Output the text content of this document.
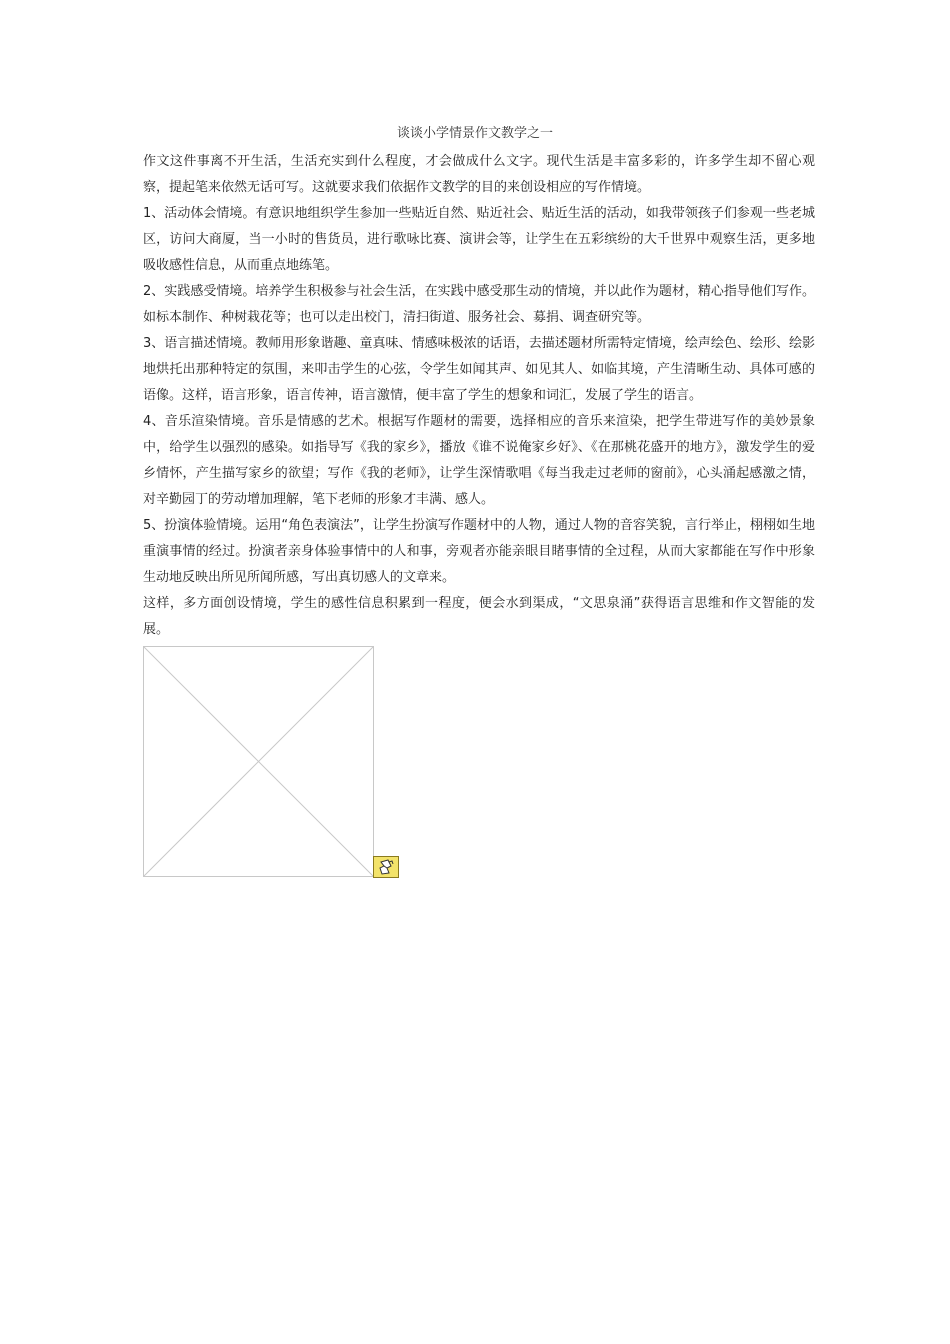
谈谈小学情景作文教学之一

作文这件事离不开生活，生活充实到什么程度，才会做成什么文字。现代生活是丰富多彩的，许多学生却不留心观察，提起笔来依然无话可写。这就要求我们依据作文教学的目的来创设相应的写作情境。

1、活动体会情境。有意识地组织学生参加一些贴近自然、贴近社会、贴近生活的活动，如我带领孩子们参观一些老城区，访问大商厦，当一小时的售货员，进行歌咏比赛、演讲会等，让学生在五彩缤纷的大千世界中观察生活，更多地吸收感性信息，从而重点地练笔。

2、实践感受情境。培养学生积极参与社会生活，在实践中感受那生动的情境，并以此作为题材，精心指导他们写作。如标本制作、种树栽花等；也可以走出校门，清扫街道、服务社会、募捐、调查研究等。

3、语言描述情境。教师用形象谐趣、童真味、情感味极浓的话语，去描述题材所需特定情境，绘声绘色、绘形、绘影地烘托出那种特定的氛围，来叩击学生的心弦，令学生如闻其声、如见其人、如临其境，产生清晰生动、具体可感的语像。这样，语言形象，语言传神，语言激情，便丰富了学生的想象和词汇，发展了学生的语言。

4、音乐渲染情境。音乐是情感的艺术。根据写作题材的需要，选择相应的音乐来渲染，把学生带进写作的美妙景象中，给学生以强烈的感染。如指导写《我的家乡》，播放《谁不说俺家乡好》、《在那桃花盛开的地方》，激发学生的爱乡情怀，产生描写家乡的欲望；写作《我的老师》，让学生深情歌唱《每当我走过老师的窗前》，心头涌起感激之情，对辛勤园丁的劳动增加理解，笔下老师的形象才丰满、感人。

5、扮演体验情境。运用“角色表演法”，让学生扮演写作题材中的人物，通过人物的音容笑貌，言行举止，栩栩如生地重演事情的经过。扮演者亲身体验事情中的人和事，旁观者亦能亲眼目睹事情的全过程，从而大家都能在写作中形象生动地反映出所见所闻所感，写出真切感人的文章来。

这样，多方面创设情境，学生的感性信息积累到一程度，便会水到渠成，“文思泉涌”获得语言思维和作文智能的发展。
